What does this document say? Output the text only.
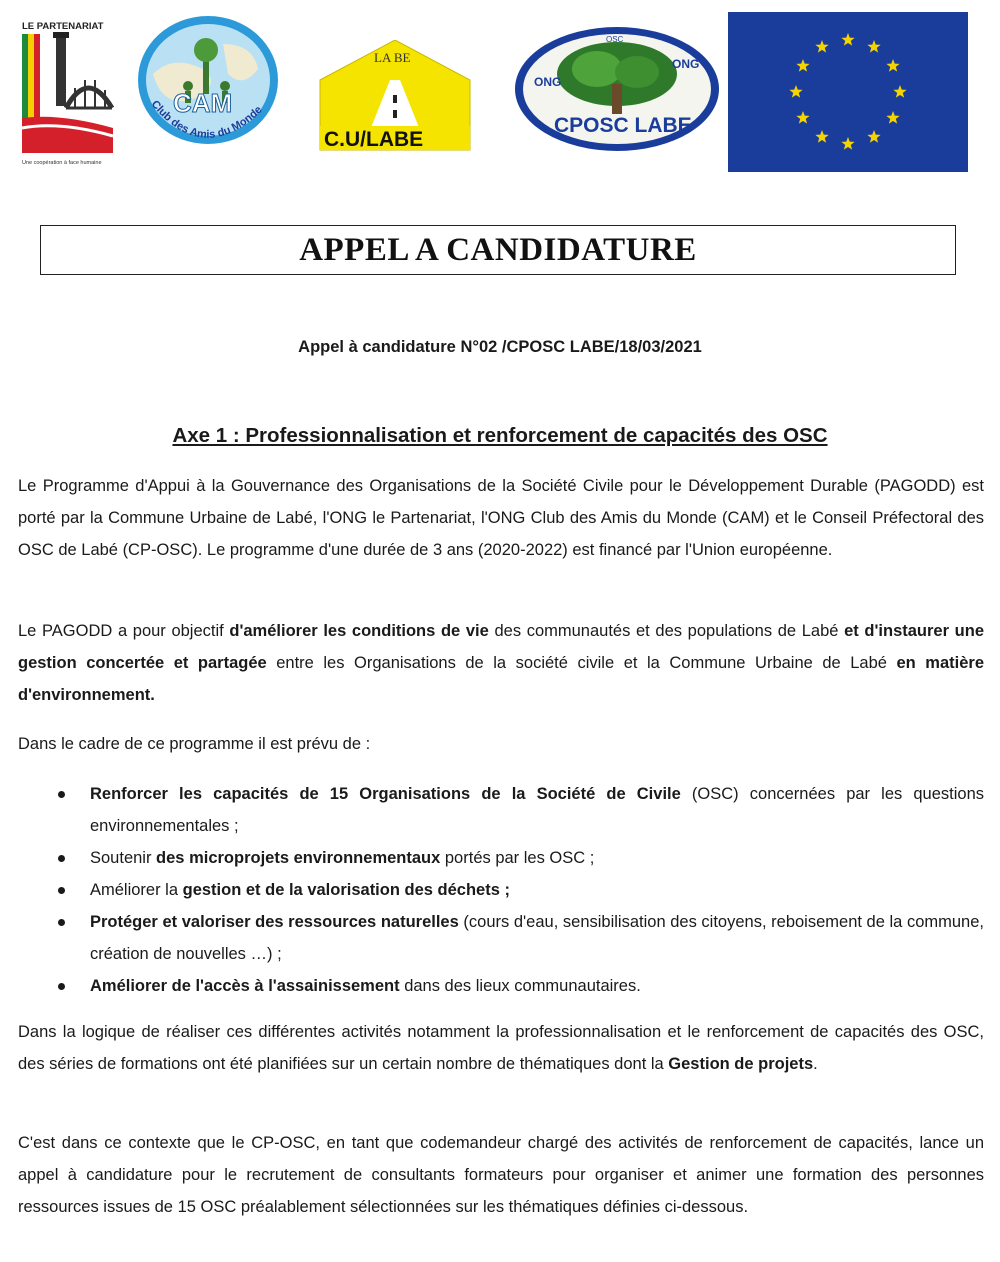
LE PARTENARIAT
Une coopération à face humaine
CAM
Club des Amis du Monde
LA BE
C.U/LABE
ONG
ONG
OSC
CPOSC LABE
APPEL A CANDIDATURE
Appel à candidature N°02 /CPOSC LABE/18/03/2021
Axe 1 : Professionnalisation et renforcement de capacités des OSC

Le Programme d'Appui à la Gouvernance des Organisations de la Société Civile pour le Développement Durable (PAGODD) est porté par la Commune Urbaine de Labé, l'ONG le Partenariat, l'ONG Club des Amis du Monde (CAM) et le Conseil Préfectoral des OSC de Labé (CP-OSC). Le programme d'une durée de 3 ans (2020-2022) est financé par l'Union européenne.

Le PAGODD a pour objectif d'améliorer les conditions de vie des communautés et des populations de Labé et d'instaurer une gestion concertée et partagée entre les Organisations de la société civile et la Commune Urbaine de Labé en matière d'environnement.

Dans le cadre de ce programme il est prévu de :

Renforcer les capacités de 15 Organisations de la Société de Civile (OSC) concernées par les questions environnementales ;
Soutenir des microprojets environnementaux portés par les OSC ;
Améliorer la gestion et de la valorisation des déchets ;
Protéger et valoriser des ressources naturelles (cours d'eau, sensibilisation des citoyens, reboisement de la commune, création de nouvelles …) ;
Améliorer de l'accès à l'assainissement dans des lieux communautaires.

Dans la logique de réaliser ces différentes activités notamment la professionnalisation et le renforcement de capacités des OSC, des séries de formations ont été planifiées sur un certain nombre de thématiques dont la Gestion de projets.

C'est dans ce contexte que le CP-OSC, en tant que codemandeur chargé des activités de renforcement de capacités, lance un appel à candidature pour le recrutement de consultants formateurs pour organiser et animer une formation des personnes ressources issues de 15 OSC préalablement sélectionnées sur les thématiques définies ci-dessous.
